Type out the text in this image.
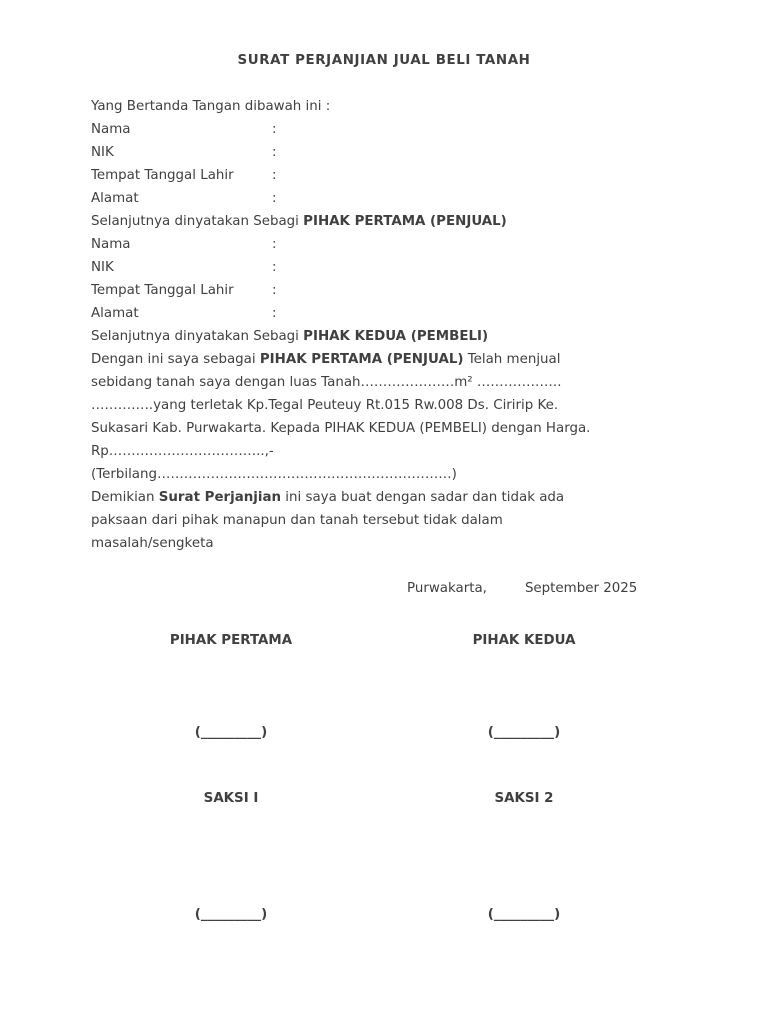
SURAT PERJANJIAN JUAL BELI TANAH
Yang Bertanda Tangan dibawah ini :
Nama	:
NIK	:
Tempat Tanggal Lahir	:
Alamat	:
Selanjutnya dinyatakan Sebagi PIHAK PERTAMA (PENJUAL)
Nama	:
NIK	:
Tempat Tanggal Lahir	:
Alamat	:
Selanjutnya dinyatakan Sebagi PIHAK KEDUA (PEMBELI)
Dengan ini saya sebagai PIHAK PERTAMA (PENJUAL) Telah menjual
sebidang tanah saya dengan luas Tanah…………………m² ……………….
…………..yang terletak Kp.Tegal Peuteuy Rt.015 Rw.008 Ds. Ciririp Ke.
Sukasari Kab. Purwakarta. Kepada PIHAK KEDUA (PEMBELI) dengan Harga.
Rp……………………………..,-
(Terbilang…………………………………………………………)
Demikian Surat Perjanjian ini saya buat dengan sadar dan tidak ada
paksaan dari pihak manapun dan tanah tersebut tidak dalam
masalah/sengketa
Purwakarta,	September 2025
PIHAK PERTAMA	PIHAK KEDUA
(_________)	(_________)
SAKSI I	SAKSI 2
(_________)	(_________)
